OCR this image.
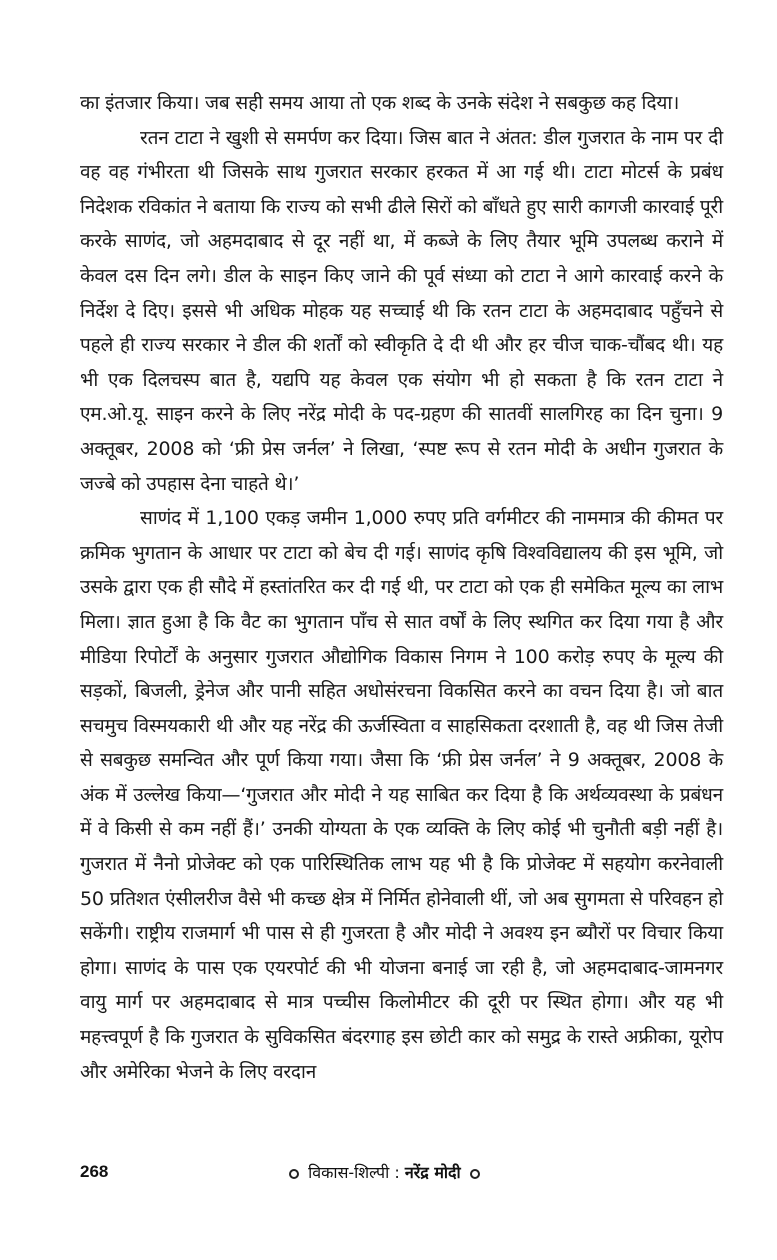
का इंतजार किया। जब सही समय आया तो एक शब्द के उनके संदेश ने सबकुछ कह दिया।

रतन टाटा ने खुशी से समर्पण कर दिया। जिस बात ने अंतत: डील गुजरात के नाम पर दी वह वह गंभीरता थी जिसके साथ गुजरात सरकार हरकत में आ गई थी। टाटा मोटर्स के प्रबंध निदेशक रविकांत ने बताया कि राज्य को सभी ढीले सिरों को बाँधते हुए सारी कागजी कारवाई पूरी करके साणंद, जो अहमदाबाद से दूर नहीं था, में कब्जे के लिए तैयार भूमि उपलब्ध कराने में केवल दस दिन लगे। डील के साइन किए जाने की पूर्व संध्या को टाटा ने आगे कारवाई करने के निर्देश दे दिए। इससे भी अधिक मोहक यह सच्चाई थी कि रतन टाटा के अहमदाबाद पहुँचने से पहले ही राज्य सरकार ने डील की शर्तों को स्वीकृति दे दी थी और हर चीज चाक-चौंबद थी। यह भी एक दिलचस्प बात है, यद्यपि यह केवल एक संयोग भी हो सकता है कि रतन टाटा ने एम.ओ.यू. साइन करने के लिए नरेंद्र मोदी के पद-ग्रहण की सातवीं सालगिरह का दिन चुना। 9 अक्तूबर, 2008 को ‘फ्री प्रेस जर्नल’ ने लिखा, ‘स्पष्ट रूप से रतन मोदी के अधीन गुजरात के जज्बे को उपहास देना चाहते थे।’

साणंद में 1,100 एकड़ जमीन 1,000 रुपए प्रति वर्गमीटर की नाममात्र की कीमत पर क्रमिक भुगतान के आधार पर टाटा को बेच दी गई। साणंद कृषि विश्वविद्यालय की इस भूमि, जो उसके द्वारा एक ही सौदे में हस्तांतरित कर दी गई थी, पर टाटा को एक ही समेकित मूल्य का लाभ मिला। ज्ञात हुआ है कि वैट का भुगतान पाँच से सात वर्षों के लिए स्थगित कर दिया गया है और मीडिया रिपोर्टों के अनुसार गुजरात औद्योगिक विकास निगम ने 100 करोड़ रुपए के मूल्य की सड़कों, बिजली, ड्रेनेज और पानी सहित अधोसंरचना विकसित करने का वचन दिया है। जो बात सचमुच विस्मयकारी थी और यह नरेंद्र की ऊर्जस्विता व साहसिकता दरशाती है, वह थी जिस तेजी से सबकुछ समन्वित और पूर्ण किया गया। जैसा कि ‘फ्री प्रेस जर्नल’ ने 9 अक्तूबर, 2008 के अंक में उल्लेख किया—‘गुजरात और मोदी ने यह साबित कर दिया है कि अर्थव्यवस्था के प्रबंधन में वे किसी से कम नहीं हैं।’ उनकी योग्यता के एक व्यक्ति के लिए कोई भी चुनौती बड़ी नहीं है। गुजरात में नैनो प्रोजेक्ट को एक पारिस्थितिक लाभ यह भी है कि प्रोजेक्ट में सहयोग करनेवाली 50 प्रतिशत एंसीलरीज वैसे भी कच्छ क्षेत्र में निर्मित होनेवाली थीं, जो अब सुगमता से परिवहन हो सकेंगी। राष्ट्रीय राजमार्ग भी पास से ही गुजरता है और मोदी ने अवश्य इन ब्यौरों पर विचार किया होगा। साणंद के पास एक एयरपोर्ट की भी योजना बनाई जा रही है, जो अहमदाबाद-जामनगर वायु मार्ग पर अहमदाबाद से मात्र पच्चीस किलोमीटर की दूरी पर स्थित होगा। और यह भी महत्त्वपूर्ण है कि गुजरात के सुविकसित बंदरगाह इस छोटी कार को समुद्र के रास्ते अफ्रीका, यूरोप और अमेरिका भेजने के लिए वरदान

268	विकास-शिल्पी : नरेंद्र मोदी
